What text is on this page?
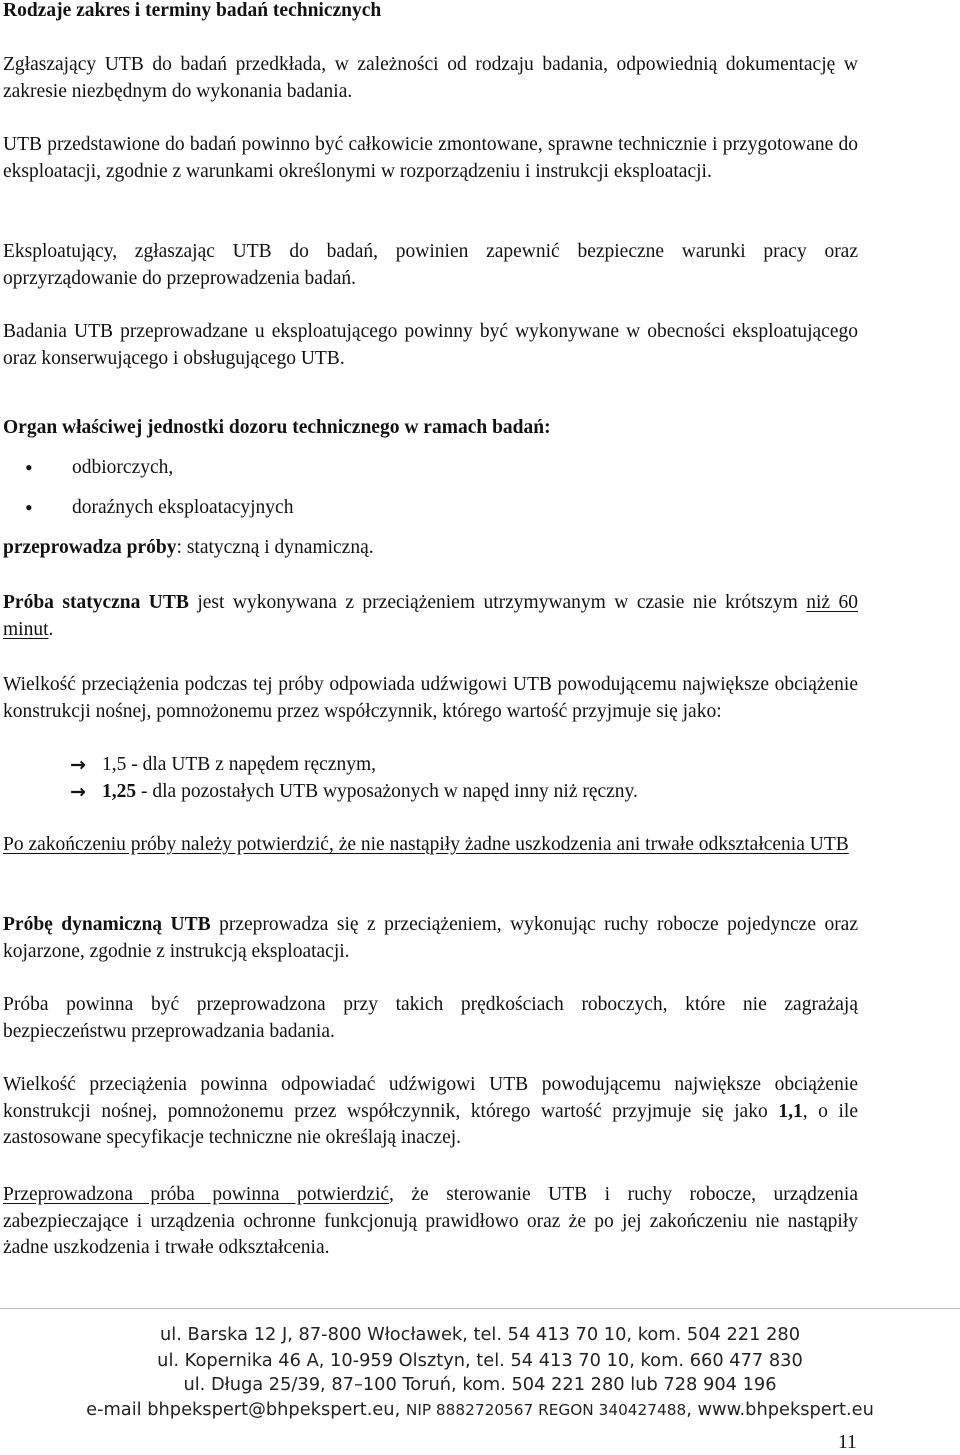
Rodzaje zakres i terminy badań technicznych

Zgłaszający UTB do badań przedkłada, w zależności od rodzaju badania, odpowiednią dokumentację w zakresie niezbędnym do wykonania badania.

UTB przedstawione do badań powinno być całkowicie zmontowane, sprawne technicznie i przygotowane do eksploatacji, zgodnie z warunkami określonymi w rozporządzeniu i instrukcji eksploatacji.

Eksploatujący, zgłaszając UTB do badań, powinien zapewnić bezpieczne warunki pracy oraz oprzyrządowanie do przeprowadzenia badań.

Badania UTB przeprowadzane u eksploatującego powinny być wykonywane w obecności eksploatującego oraz konserwującego i obsługującego UTB.

Organ właściwej jednostki dozoru technicznego w ramach badań:

• odbiorczych,
• doraźnych eksploatacyjnych

przeprowadza próby: statyczną i dynamiczną.

Próba statyczna UTB jest wykonywana z przeciążeniem utrzymywanym w czasie nie krótszym niż 60 minut.

Wielkość przeciążenia podczas tej próby odpowiada udźwigowi UTB powodującemu największe obciążenie konstrukcji nośnej, pomnożonemu przez współczynnik, którego wartość przyjmuje się jako:

→ 1,5 - dla UTB z napędem ręcznym,
→ 1,25 - dla pozostałych UTB wyposażonych w napęd inny niż ręczny.

Po zakończeniu próby należy potwierdzić, że nie nastąpiły żadne uszkodzenia ani trwałe odkształcenia UTB

Próbę dynamiczną UTB przeprowadza się z przeciążeniem, wykonując ruchy robocze pojedyncze oraz kojarzone, zgodnie z instrukcją eksploatacji.

Próba powinna być przeprowadzona przy takich prędkościach roboczych, które nie zagrażają bezpieczeństwu przeprowadzania badania.

Wielkość przeciążenia powinna odpowiadać udźwigowi UTB powodującemu największe obciążenie konstrukcji nośnej, pomnożonemu przez współczynnik, którego wartość przyjmuje się jako 1,1, o ile zastosowane specyfikacje techniczne nie określają inaczej.

Przeprowadzona próba powinna potwierdzić, że sterowanie UTB i ruchy robocze, urządzenia zabezpieczające i urządzenia ochronne funkcjonują prawidłowo oraz że po jej zakończeniu nie nastąpiły żadne uszkodzenia i trwałe odkształcenia.

ul. Barska 12 J, 87-800 Włocławek, tel. 54 413 70 10, kom. 504 221 280
ul. Kopernika 46 A, 10-959 Olsztyn, tel. 54 413 70 10, kom. 660 477 830
ul. Długa 25/39, 87–100 Toruń, kom. 504 221 280 lub 728 904 196
e-mail bhpekspert@bhpekspert.eu, NIP 8882720567 REGON 340427488, www.bhpekspert.eu
11
